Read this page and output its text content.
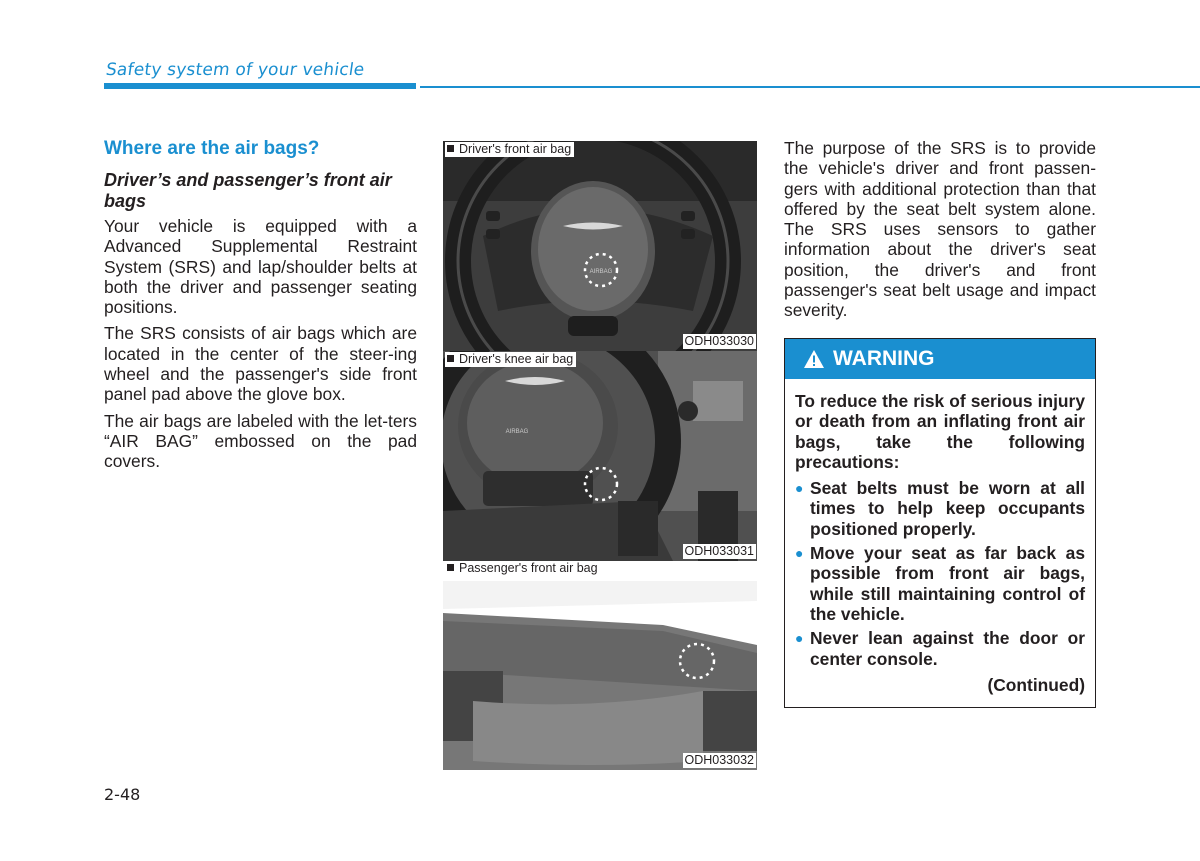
Safety system of your vehicle
Where are the air bags?
Driver’s and passenger’s front air bags

Your vehicle is equipped with a Advanced Supplemental Restraint System (SRS) and lap/shoulder belts at both the driver and passenger seating positions.

The SRS consists of air bags which are located in the center of the steer-ing wheel and the passenger's side front panel pad above the glove box.

The air bags are labeled with the let-ters “AIR BAG” embossed on the pad covers.

AIRBAG
Driver's front air bag
ODH033030
AIRBAG
Driver's knee air bag
ODH033031
Passenger's front air bag
ODH033032

The purpose of the SRS is to provide the vehicle's driver and front passen-gers with additional protection than that offered by the seat belt system alone. The SRS uses sensors to gather information about the driver's seat position, the driver's and front passenger's seat belt usage and impact severity.

WARNING

To reduce the risk of serious injury or death from an inflating front air bags, take the following precautions:

● Seat belts must be worn at all times to help keep occupants positioned properly.
● Move your seat as far back as possible from front air bags, while still maintaining control of the vehicle.
● Never lean against the door or center console.
(Continued)
2-48
